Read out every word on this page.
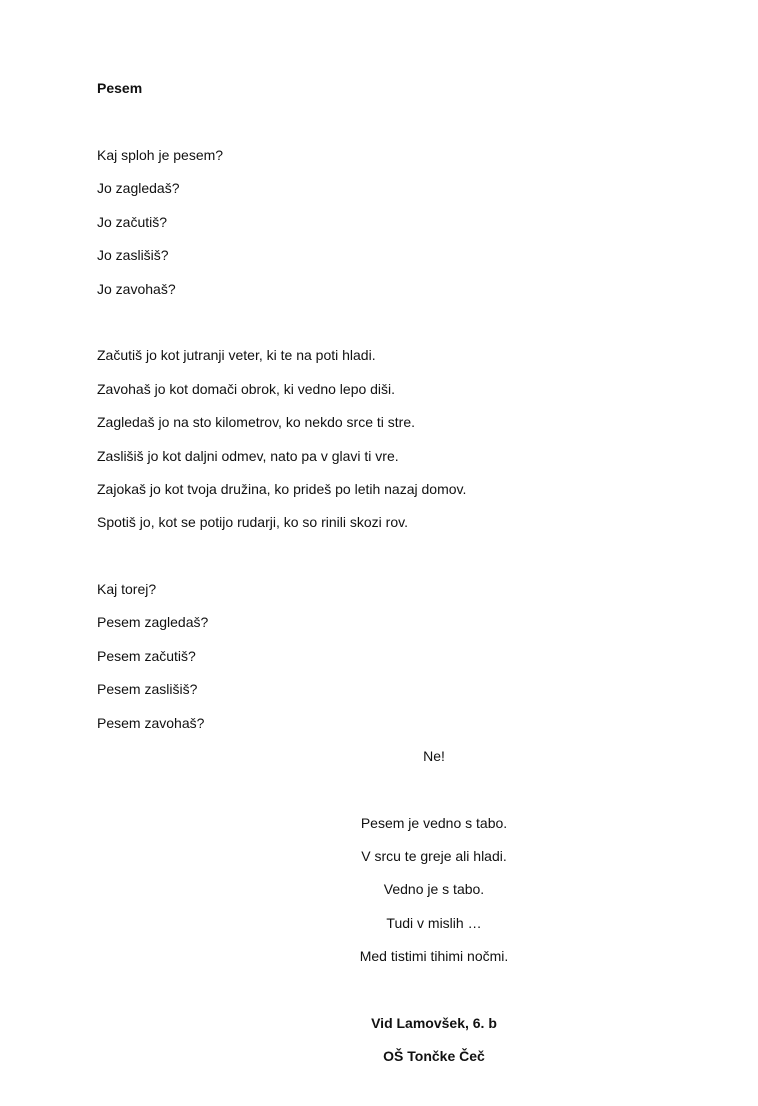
Pesem
Kaj sploh je pesem?
Jo zagledaš?
Jo začutiš?
Jo zaslišiš?
Jo zavohaš?
Začutiš jo kot jutranji veter, ki te na poti hladi.
Zavohaš jo kot domači obrok, ki vedno lepo diši.
Zagledaš jo na sto kilometrov, ko nekdo srce ti stre.
Zaslišiš jo kot daljni odmev, nato pa v glavi ti vre.
Zajokaš jo kot tvoja družina, ko prideš po letih nazaj domov.
Spotiš jo, kot se potijo rudarji, ko so rinili skozi rov.
Kaj torej?
Pesem zagledaš?
Pesem začutiš?
Pesem zaslišiš?
Pesem zavohaš?
Ne!
Pesem je vedno s tabo.
V srcu te greje ali hladi.
Vedno je s tabo.
Tudi v mislih …
Med tistimi tihimi nočmi.
Vid Lamovšek, 6. b
OŠ Tončke Čeč
